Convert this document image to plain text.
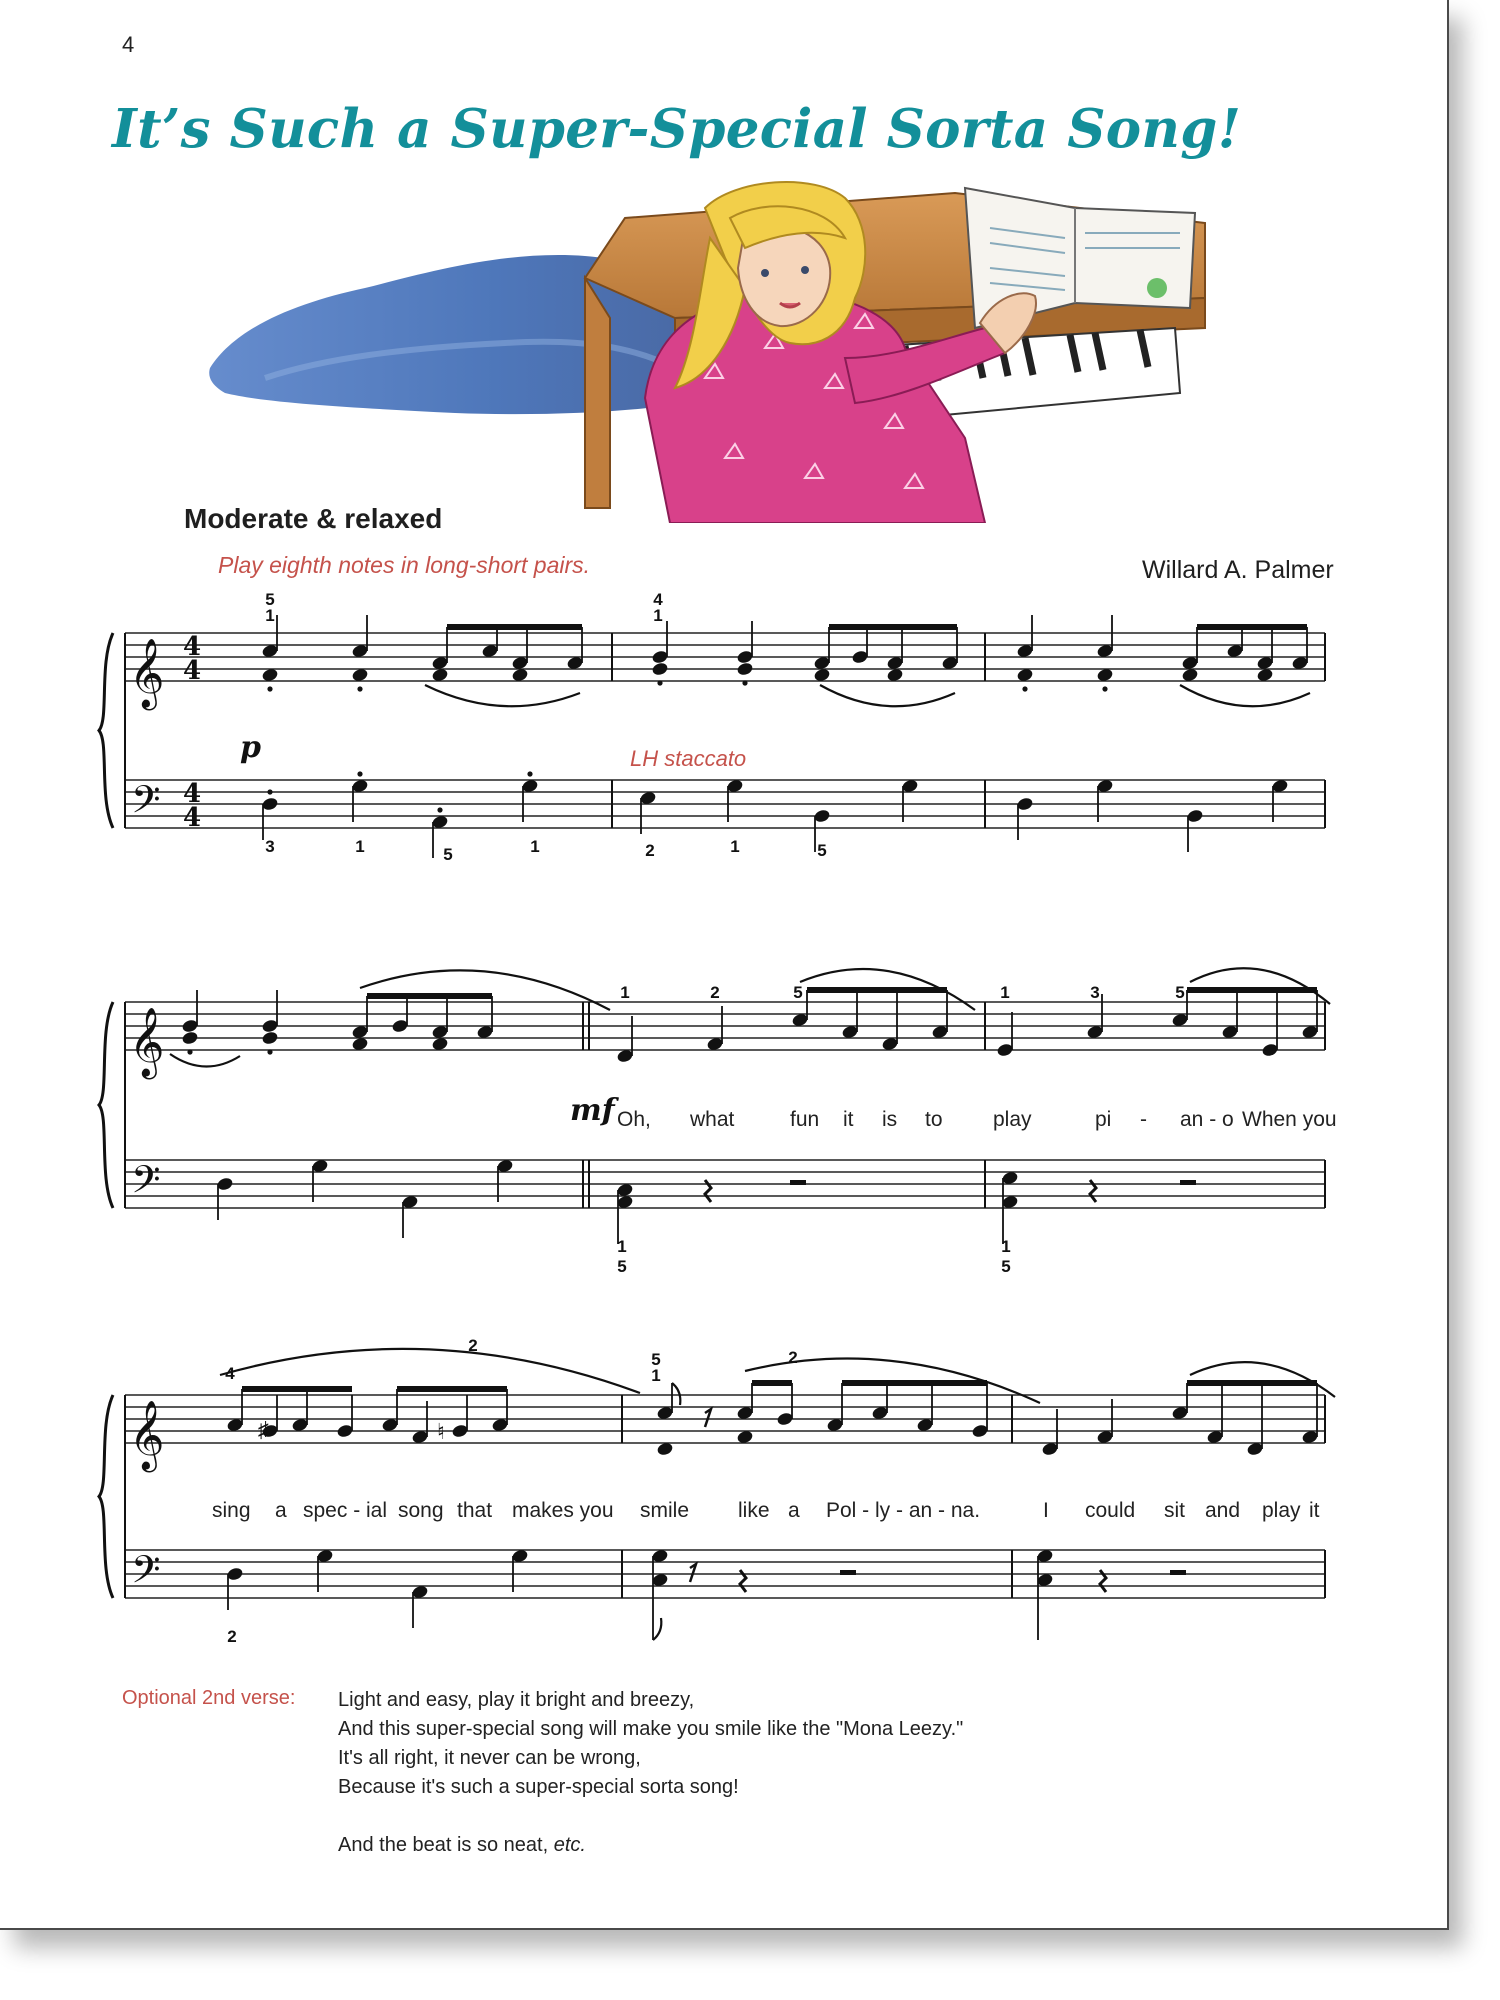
4
It’s Such a Super-Special Sorta Song!
Moderate & relaxed
Play eighth notes in long-short pairs.	Willard A. Palmer
𝄞
𝄢
4
4
4
4
5
1
4
1
p	LH staccato
3	1	5	1	2	1	5
𝄞
𝄢
1	2	5	1	3	5
mf Oh, what	fun it is to play	pi - an - o When you
1
5
1
5
𝄞
𝄢
♯
4
♮
2
5
1
2
sing a spec - ial song that makes you smile like a Pol - ly - an - na.	I could sit and play it
2
Optional 2nd verse: Light and easy, play it bright and breezy,
And this super-special song will make you smile like the "Mona Leezy."
It's all right, it never can be wrong,
Because it's such a super-special sorta song!
And the beat is so neat, etc.
